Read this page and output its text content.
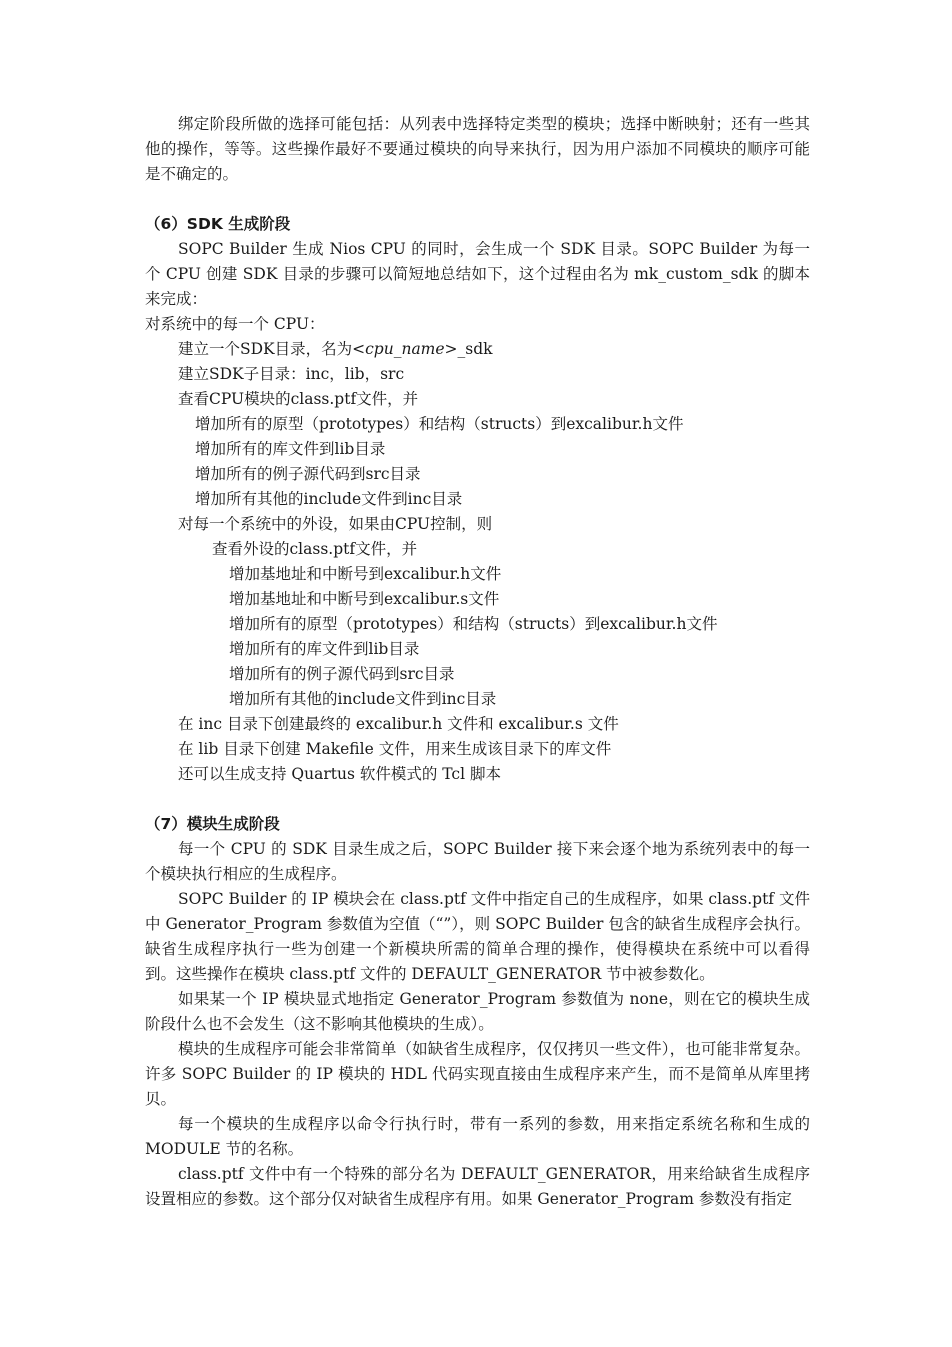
绑定阶段所做的选择可能包括：从列表中选择特定类型的模块；选择中断映射；还有一些其他的操作，等等。这些操作最好不要通过模块的向导来执行，因为用户添加不同模块的顺序可能是不确定的。

（6）SDK 生成阶段

SOPC Builder 生成 Nios CPU 的同时，会生成一个 SDK 目录。SOPC Builder 为每一个 CPU 创建 SDK 目录的步骤可以简短地总结如下，这个过程由名为 mk_custom_sdk 的脚本来完成：

对系统中的每一个 CPU：

建立一个SDK目录，名为<cpu_name>_sdk

建立SDK子目录：inc，lib，src

查看CPU模块的class.ptf文件，并

增加所有的原型（prototypes）和结构（structs）到excalibur.h文件

增加所有的库文件到lib目录

增加所有的例子源代码到src目录

增加所有其他的include文件到inc目录

对每一个系统中的外设，如果由CPU控制，则

查看外设的class.ptf文件，并

增加基地址和中断号到excalibur.h文件

增加基地址和中断号到excalibur.s文件

增加所有的原型（prototypes）和结构（structs）到excalibur.h文件

增加所有的库文件到lib目录

增加所有的例子源代码到src目录

增加所有其他的include文件到inc目录

在 inc 目录下创建最终的 excalibur.h 文件和 excalibur.s 文件

在 lib 目录下创建 Makefile 文件，用来生成该目录下的库文件

还可以生成支持 Quartus 软件模式的 Tcl 脚本

（7）模块生成阶段

每一个 CPU 的 SDK 目录生成之后，SOPC Builder 接下来会逐个地为系统列表中的每一个模块执行相应的生成程序。

SOPC Builder 的 IP 模块会在 class.ptf 文件中指定自己的生成程序，如果 class.ptf 文件中 Generator_Program 参数值为空值（“”），则 SOPC Builder 包含的缺省生成程序会执行。缺省生成程序执行一些为创建一个新模块所需的简单合理的操作，使得模块在系统中可以看得到。这些操作在模块 class.ptf 文件的 DEFAULT_GENERATOR 节中被参数化。

如果某一个 IP 模块显式地指定 Generator_Program 参数值为 none，则在它的模块生成阶段什么也不会发生（这不影响其他模块的生成）。

模块的生成程序可能会非常简单（如缺省生成程序，仅仅拷贝一些文件），也可能非常复杂。许多 SOPC Builder 的 IP 模块的 HDL 代码实现直接由生成程序来产生，而不是简单从库里拷贝。

每一个模块的生成程序以命令行执行时，带有一系列的参数，用来指定系统名称和生成的 MODULE 节的名称。

class.ptf 文件中有一个特殊的部分名为 DEFAULT_GENERATOR，用来给缺省生成程序设置相应的参数。这个部分仅对缺省生成程序有用。如果 Generator_Program 参数没有指定
